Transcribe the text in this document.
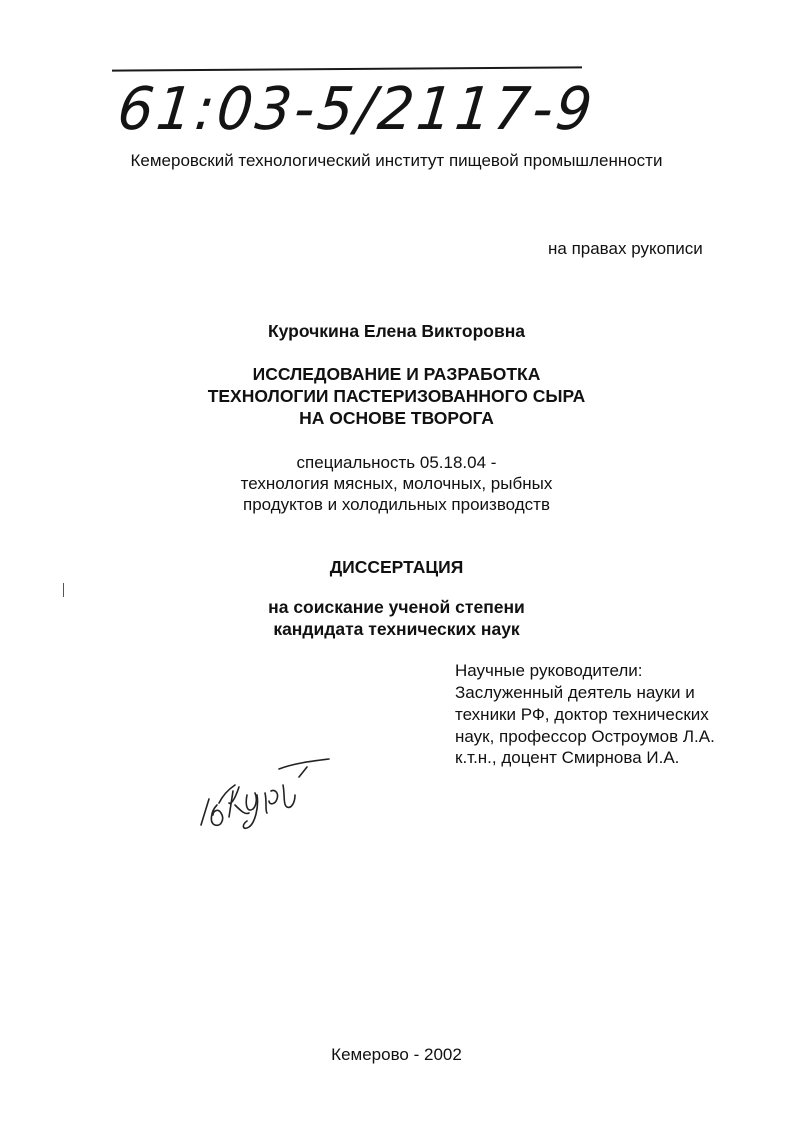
61:03-5/2117-9
Кемеровский технологический институт пищевой промышленности
на правах рукописи
Курочкина Елена Викторовна
ИССЛЕДОВАНИЕ И РАЗРАБОТКА
ТЕХНОЛОГИИ ПАСТЕРИЗОВАННОГО СЫРА
НА ОСНОВЕ ТВОРОГА
специальность 05.18.04 -
технология мясных, молочных, рыбных
продуктов и холодильных производств
ДИССЕРТАЦИЯ
на соискание ученой степени
кандидата технических наук
Научные руководители:
Заслуженный деятель науки и
техники РФ, доктор технических
наук, профессор Остроумов Л.А.
к.т.н., доцент Смирнова И.А.
Кемерово - 2002
